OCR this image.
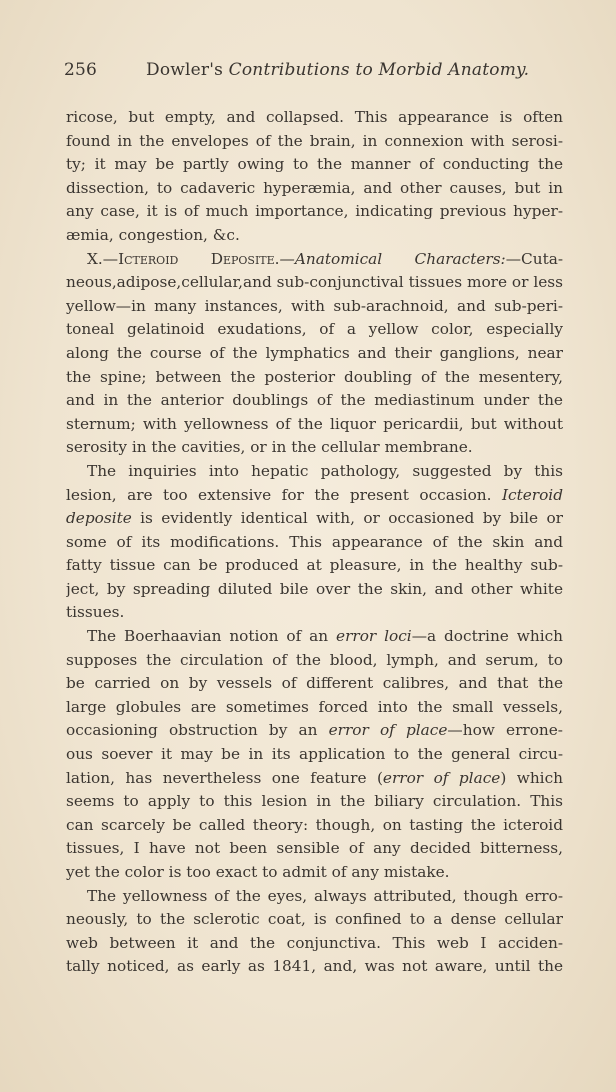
256	Dowler's Contributions to Morbid Anatomy.
ricose, but empty, and collapsed. This appearance is often
found in the envelopes of the brain, in connexion with serosi-
ty; it may be partly owing to the manner of conducting the
dissection, to cadaveric hyperæmia, and other causes, but in
any case, it is of much importance, indicating previous hyper-
æmia, congestion, &c.
X.—Icteroid Deposite.—Anatomical Characters:—Cuta-
neous,adipose,cellular,and sub-conjunctival tissues more or less
yellow—in many instances, with sub-arachnoid, and sub-peri-
toneal gelatinoid exudations, of a yellow color, especially
along the course of the lymphatics and their ganglions, near
the spine; between the posterior doubling of the mesentery,
and in the anterior doublings of the mediastinum under the
sternum; with yellowness of the liquor pericardii, but without
serosity in the cavities, or in the cellular membrane.
The inquiries into hepatic pathology, suggested by this
lesion, are too extensive for the present occasion. Icteroid
deposite is evidently identical with, or occasioned by bile or
some of its modifications. This appearance of the skin and
fatty tissue can be produced at pleasure, in the healthy sub-
ject, by spreading diluted bile over the skin, and other white
tissues.
The Boerhaavian notion of an error loci—a doctrine which
supposes the circulation of the blood, lymph, and serum, to
be carried on by vessels of different calibres, and that the
large globules are sometimes forced into the small vessels,
occasioning obstruction by an error of place—how errone-
ous soever it may be in its application to the general circu-
lation, has nevertheless one feature (error of place) which
seems to apply to this lesion in the biliary circulation. This
can scarcely be called theory: though, on tasting the icteroid
tissues, I have not been sensible of any decided bitterness,
yet the color is too exact to admit of any mistake.
The yellowness of the eyes, always attributed, though erro-
neously, to the sclerotic coat, is confined to a dense cellular
web between it and the conjunctiva. This web I acciden-
tally noticed, as early as 1841, and, was not aware, until the
